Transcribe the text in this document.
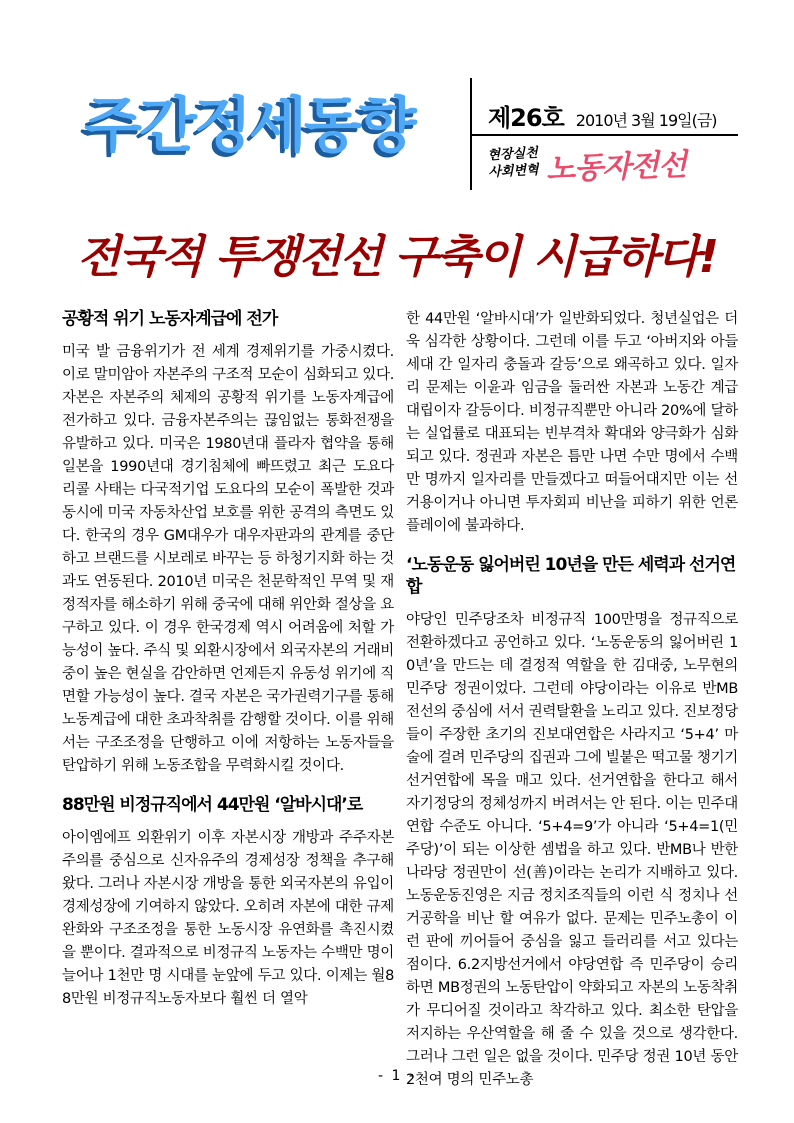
주간정세동향	제26호 2010년 3월 19일(금)
현장실천
사회변혁 노동자전선
전국적 투쟁전선 구축이 시급하다!
공황적 위기 노동자계급에 전가

미국 발 금융위기가 전 세계 경제위기를 가중시켰다. 이로 말미암아 자본주의 구조적 모순이 심화되고 있다. 자본은 자본주의 체제의 공황적 위기를 노동자계급에 전가하고 있다. 금융자본주의는 끊임없는 통화전쟁을 유발하고 있다. 미국은 1980년대 플라자 협약을 통해 일본을 1990년대 경기침체에 빠뜨렸고 최근 도요다 리콜 사태는 다국적기업 도요다의 모순이 폭발한 것과 동시에 미국 자동차산업 보호를 위한 공격의 측면도 있다. 한국의 경우 GM대우가 대우자판과의 관계를 중단하고 브랜드를 시보레로 바꾸는 등 하청기지화 하는 것과도 연동된다. 2010년 미국은 천문학적인 무역 및 재정적자를 해소하기 위해 중국에 대해 위안화 절상을 요구하고 있다. 이 경우 한국경제 역시 어려움에 처할 가능성이 높다. 주식 및 외환시장에서 외국자본의 거래비중이 높은 현실을 감안하면 언제든지 유동성 위기에 직면할 가능성이 높다. 결국 자본은 국가권력기구를 통해 노동계급에 대한 초과착취를 감행할 것이다. 이를 위해서는 구조조정을 단행하고 이에 저항하는 노동자들을 탄압하기 위해 노동조합을 무력화시킬 것이다.

88만원 비정규직에서 44만원 ‘알바시대’로

아이엠에프 외환위기 이후 자본시장 개방과 주주자본주의를 중심으로 신자유주의 경제성장 정책을 추구해왔다. 그러나 자본시장 개방을 통한 외국자본의 유입이 경제성장에 기여하지 않았다. 오히려 자본에 대한 규제완화와 구조조정을 통한 노동시장 유연화를 촉진시켰을 뿐이다. 결과적으로 비정규직 노동자는 수백만 명이 늘어나 1천만 명 시대를 눈앞에 두고 있다. 이제는 월88만원 비정규직노동자보다 훨씬 더 열악

한 44만원 ‘알바시대’가 일반화되었다. 청년실업은 더욱 심각한 상황이다. 그런데 이를 두고 ‘아버지와 아들 세대 간 일자리 충돌과 갈등’으로 왜곡하고 있다. 일자리 문제는 이윤과 임금을 둘러싼 자본과 노동간 계급 대립이자 갈등이다. 비정규직뿐만 아니라 20%에 달하는 실업률로 대표되는 빈부격차 확대와 양극화가 심화되고 있다. 정권과 자본은 틈만 나면 수만 명에서 수백 만 명까지 일자리를 만들겠다고 떠들어대지만 이는 선거용이거나 아니면 투자회피 비난을 피하기 위한 언론 플레이에 불과하다.

‘노동운동 잃어버린 10년을 만든 세력과 선거연합

야당인 민주당조차 비정규직 100만명을 정규직으로 전환하겠다고 공언하고 있다. ‘노동운동의 잃어버린 10년’을 만드는 데 결정적 역할을 한 김대중, 노무현의 민주당 정권이었다. 그런데 야당이라는 이유로 반MB전선의 중심에 서서 권력탈환을 노리고 있다. 진보정당들이 주장한 초기의 진보대연합은 사라지고 ‘5+4’ 마술에 걸려 민주당의 집권과 그에 빌붙은 떡고물 챙기기 선거연합에 목을 매고 있다. 선거연합을 한다고 해서 자기정당의 정체성까지 버려서는 안 된다. 이는 민주대연합 수준도 아니다. ‘5+4=9’가 아니라 ‘5+4=1(민주당)’이 되는 이상한 셈법을 하고 있다. 반MB나 반한나라당 정권만이 선(善)이라는 논리가 지배하고 있다. 노동운동진영은 지금 정치조직들의 이런 식 정치나 선거공학을 비난 할 여유가 없다. 문제는 민주노총이 이런 판에 끼어들어 중심을 잃고 들러리를 서고 있다는 점이다. 6.2지방선거에서 야당연합 즉 민주당이 승리하면 MB정권의 노동탄압이 약화되고 자본의 노동착취가 무디어질 것이라고 착각하고 있다. 최소한 탄압을 저지하는 우산역할을 해 줄 수 있을 것으로 생각한다. 그러나 그런 일은 없을 것이다. 민주당 정권 10년 동안 2천여 명의 민주노총

- 1 -
